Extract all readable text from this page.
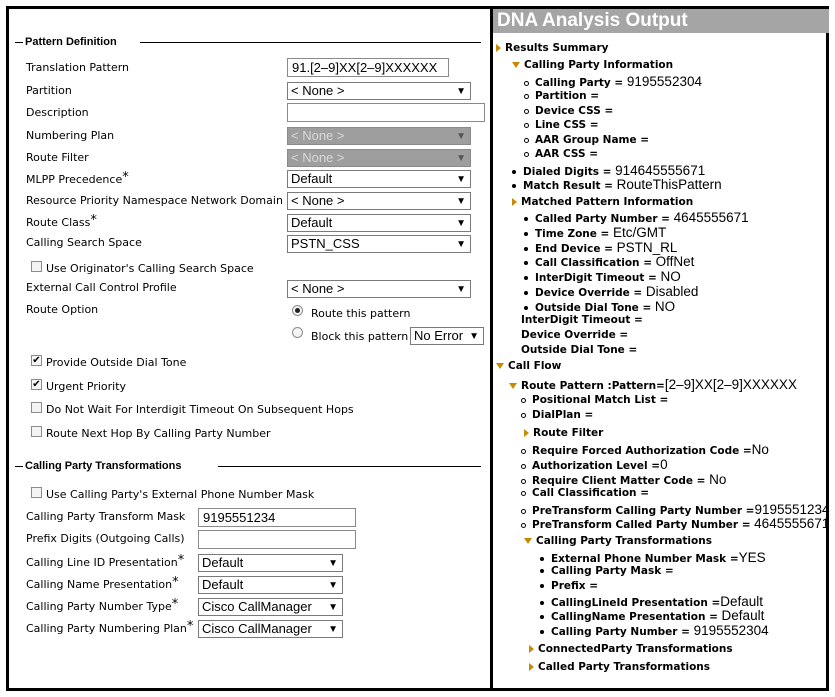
Pattern Definition
Translation Pattern	91.[2–9]XX[2–9]XXXXXX
Partition	< None >	▼
Description
Numbering Plan	< None >	▼
Route Filter	< None >	▼
MLPP Precedence*	Default	▼
Resource Priority Namespace Network Domain < None >	▼
Route Class*	Default	▼
Calling Search Space	PSTN_CSS	▼
Use Originator's Calling Search Space
External Call Control Profile	< None >	▼
Route Option	Route this pattern
Block this pattern No Error ▼
✔ Provide Outside Dial Tone
✔ Urgent Priority
Do Not Wait For Interdigit Timeout On Subsequent Hops
Route Next Hop By Calling Party Number
Calling Party Transformations
Use Calling Party's External Phone Number Mask
Calling Party Transform Mask	9195551234
Prefix Digits (Outgoing Calls)
Calling Line ID Presentation*	Default	▼
Calling Name Presentation*	Default	▼
Calling Party Number Type*	Cisco CallManager ▼
Calling Party Numbering Plan* Cisco CallManager ▼
DNA Analysis Output
Results Summary
Calling Party Information
Calling Party = 9195552304
Partition =
Device CSS =
Line CSS =
AAR Group Name =
AAR CSS =
Dialed Digits = 914645555671
Match Result = RouteThisPattern
Matched Pattern Information
Called Party Number = 4645555671
Time Zone = Etc/GMT
End Device = PSTN_RL
Call Classification = OffNet
InterDigit Timeout = NO
Device Override = Disabled
Outside Dial Tone = NO
InterDigit Timeout =
Device Override =
Outside Dial Tone =
Call Flow
Route Pattern :Pattern=[2–9]XX[2–9]XXXXXX
Positional Match List =
DialPlan =
Route Filter
Require Forced Authorization Code =No
Authorization Level =0
Require Client Matter Code = No
Call Classification =
PreTransform Calling Party Number =9195551234
PreTransform Called Party Number = 4645555671
Calling Party Transformations
External Phone Number Mask =YES
Calling Party Mask =
Prefix =
CallingLineId Presentation =Default
CallingName Presentation = Default
Calling Party Number = 9195552304
ConnectedParty Transformations
Called Party Transformations
